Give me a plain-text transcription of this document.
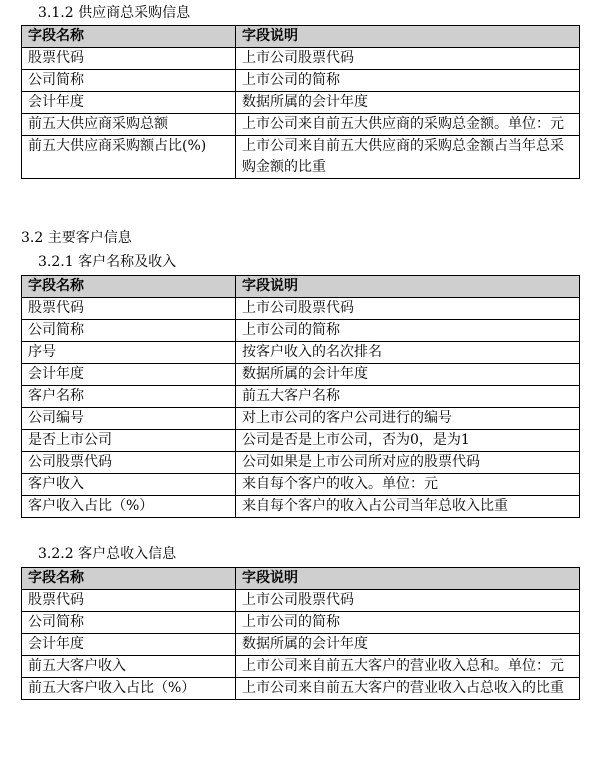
3.1.2 供应商总采购信息
字段名称	字段说明
股票代码	上市公司股票代码
公司简称	上市公司的简称
会计年度	数据所属的会计年度
前五大供应商采购总额	上市公司来自前五大供应商的采购总金额。单位：元
前五大供应商采购额占比(%)	上市公司来自前五大供应商的采购总金额占当年总采购金额的比重
3.2 主要客户信息
3.2.1 客户名称及收入
字段名称	字段说明
股票代码	上市公司股票代码
公司简称	上市公司的简称
序号	按客户收入的名次排名
会计年度	数据所属的会计年度
客户名称	前五大客户名称
公司编号	对上市公司的客户公司进行的编号
是否上市公司	公司是否是上市公司，否为0，是为1
公司股票代码	公司如果是上市公司所对应的股票代码
客户收入	来自每个客户的收入。单位：元
客户收入占比（%）	来自每个客户的收入占公司当年总收入比重
3.2.2 客户总收入信息
字段名称	字段说明
股票代码	上市公司股票代码
公司简称	上市公司的简称
会计年度	数据所属的会计年度
前五大客户收入	上市公司来自前五大客户的营业收入总和。单位：元
前五大客户收入占比（%）	上市公司来自前五大客户的营业收入占总收入的比重
